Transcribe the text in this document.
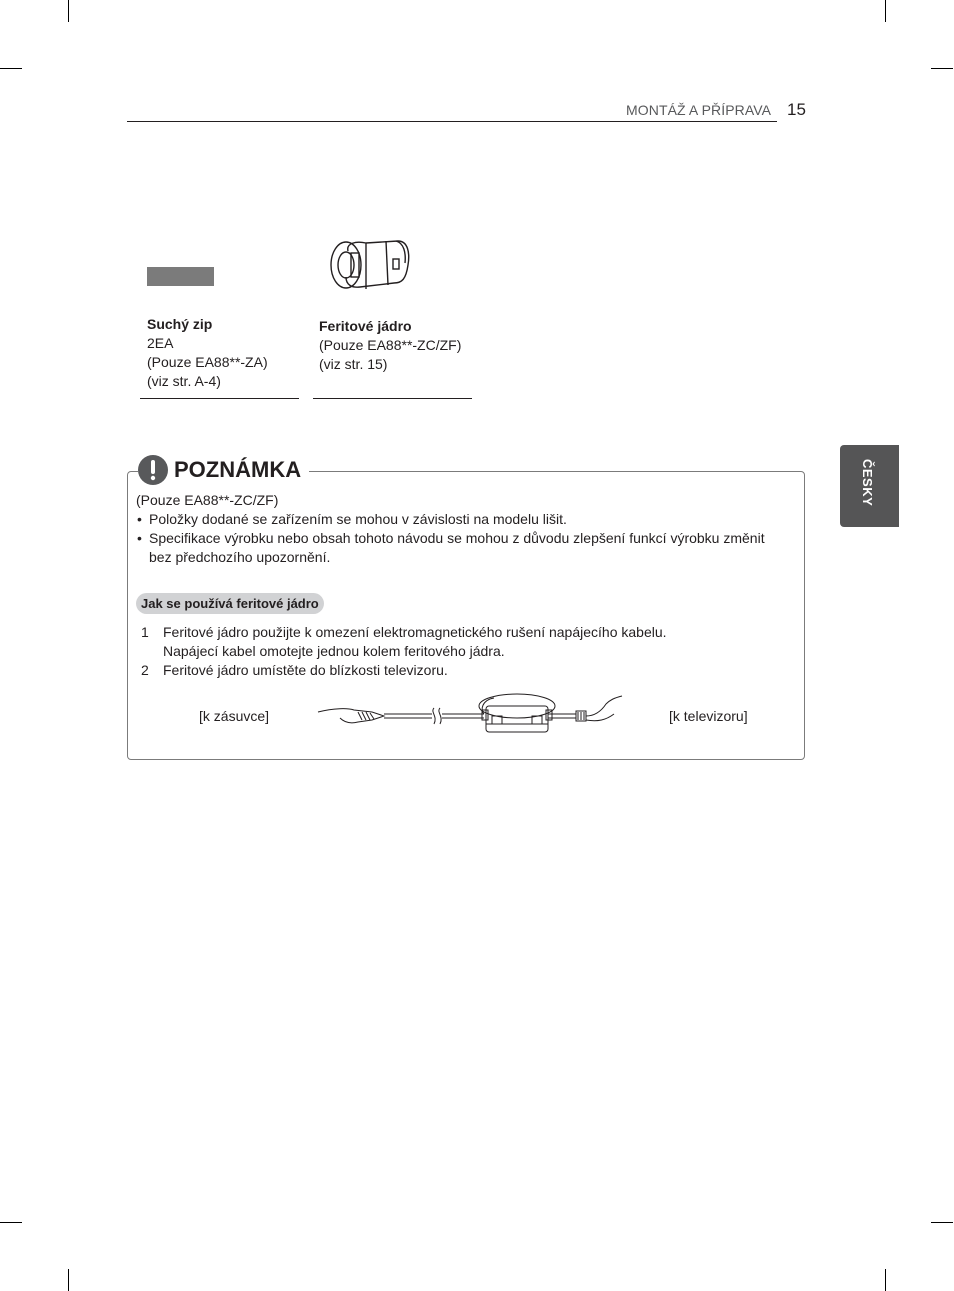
MONTÁŽ A PŘÍPRAVA 15
Suchý zip
2EA
(Pouze EA88**-ZA)
(viz str. A-4)
Feritové jádro
(Pouze EA88**-ZC/ZF)
(viz str. 15)
ČESKY
POZNÁMKA
(Pouze EA88**-ZC/ZF)
• Položky dodané se zařízením se mohou v závislosti na modelu lišit.
• Specifikace výrobku nebo obsah tohoto návodu se mohou z důvodu zlepšení funkcí výrobku změnit
bez předchozího upozornění.
Jak se používá feritové jádro
1 Feritové jádro použijte k omezení elektromagnetického rušení napájecího kabelu.
Napájecí kabel omotejte jednou kolem feritového jádra.
2 Feritové jádro umístěte do blízkosti televizoru.
[k zásuvce]	[k televizoru]
